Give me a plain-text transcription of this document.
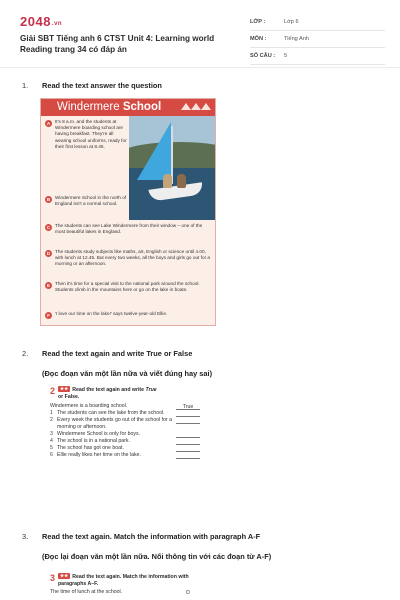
2048.vn
Giải SBT Tiếng anh 6 CTST Unit 4: Learning world Reading trang 34 có đáp án
LỚP :	Lớp 6
MÔN :	Tiếng Anh
SỐ CÂU :	5
1. Read the text answer the question
Windermere School
A	It's 8 a.m. and the students at Windermere boarding school are having breakfast. They're all wearing school uniforms, ready for their first lesson at 8.45.
B	Windermere School in the north of England isn't a normal school.
C	The students can see Lake Windermere from their window – one of the most beautiful lakes in England.
D	The students study subjects like maths, art, English or science until 4.00, with lunch at 12.45. But every two weeks, all the boys and girls go out for a morning or an afternoon.
E	Then it's time for a special visit to the national park around the school. Students climb in the mountains here or go on the lake in boats.
F	'I love our time on the lake!' says twelve-year-old Ellie.
2. Read the text again and write True or False
(Đọc đoạn văn một lần nữa và viết đúng hay sai)
2	★★ Read the text again and write True
or False.
Windermere is a boarding school.	True
1 The students can see the lake from the school.
2 Every week the students go out of the school for a morning or afternoon.
3 Windermere School is only for boys.
4 The school is in a national park.
5 The school has got one boat.
6 Ellie really likes her time on the lake.
3. Read the text again. Match the information with paragraph A-F
(Đọc lại đoạn văn một lần nữa. Nối thông tin với các đoạn từ A-F)
3	★★ Read the text again. Match the information with paragraphs A–F.
The time of lunch at the school.	D
